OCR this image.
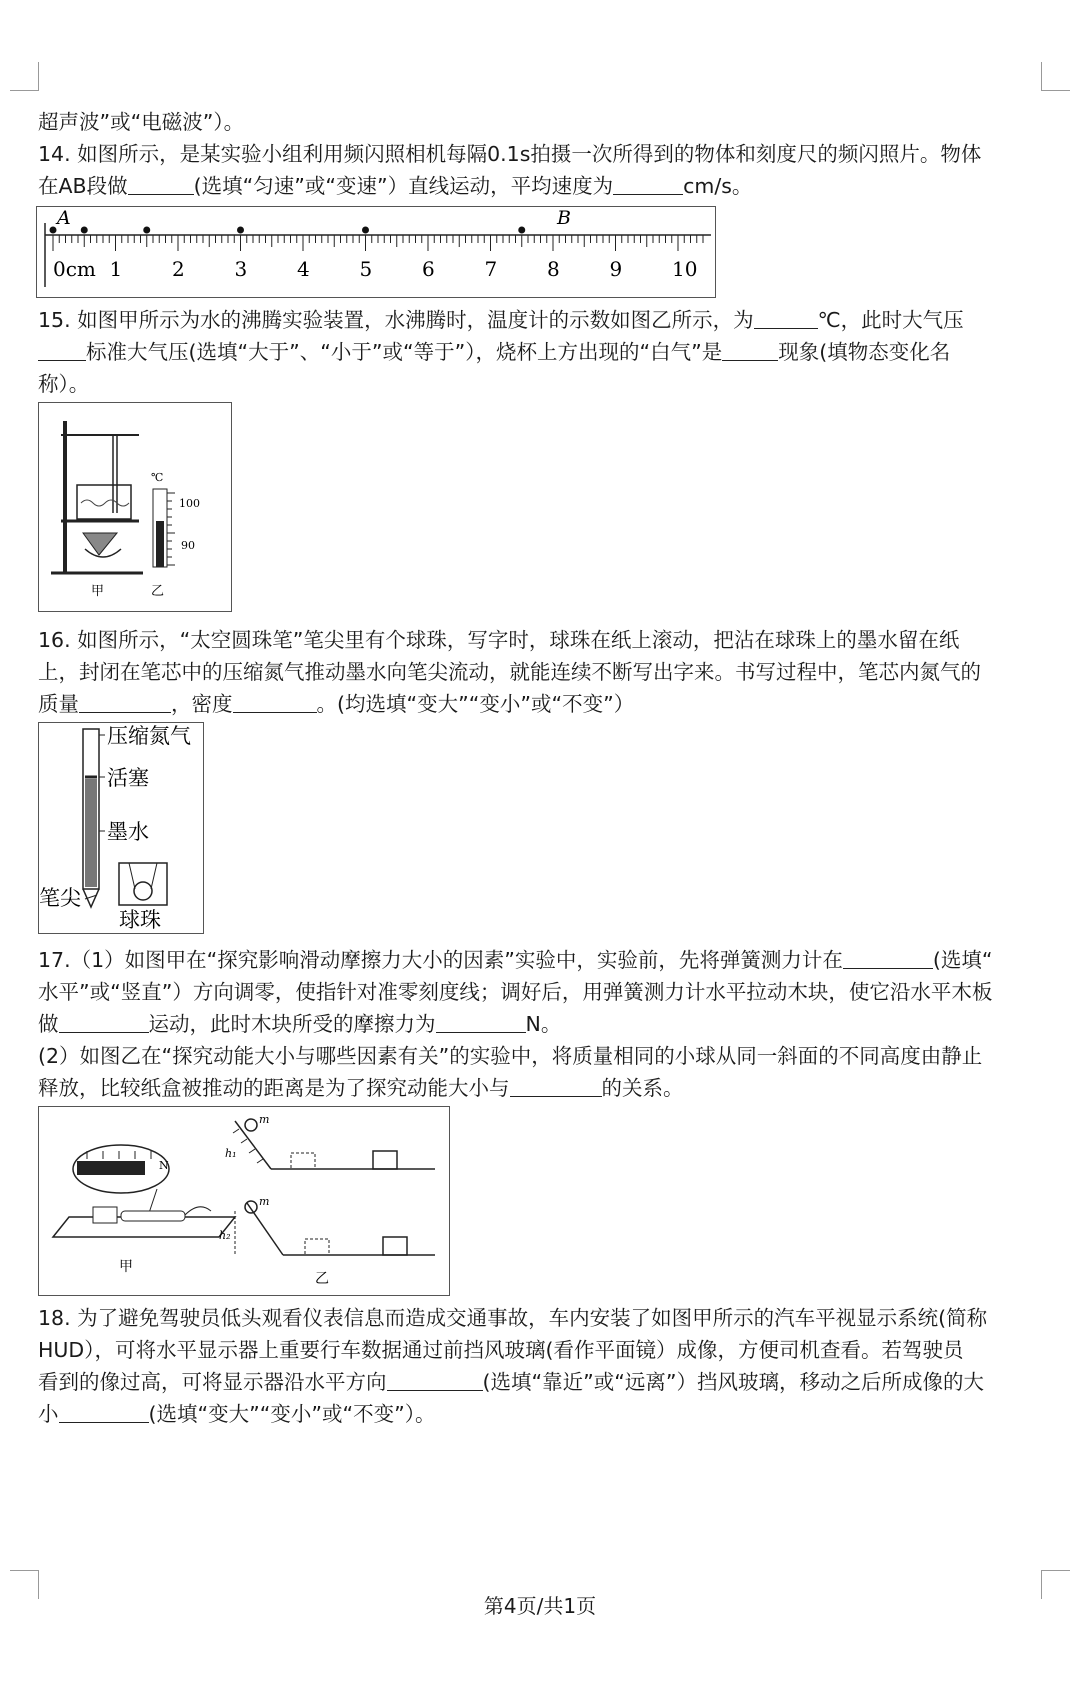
超声波”或“电磁波”）。
14. 如图所示，是某实验小组利用频闪照相机每隔0.1s拍摄一次所得到的物体和刻度尺的频闪照片。物体
在AB段做	(选填“匀速”或“变速”）直线运动，平均速度为	cm/s。
1 2 3 4 5 6 7 8 9 10
A	B
0cm
15. 如图甲所示为水的沸腾实验装置，水沸腾时，温度计的示数如图乙所示，为	℃，此时大气压
标准大气压(选填“大于”、“小于”或“等于”），烧杯上方出现的“白气”是	现象(填物态变化名
称）。
℃
100
90
甲	乙
16. 如图所示，“太空圆珠笔”笔尖里有个球珠，写字时，球珠在纸上滚动，把沾在球珠上的墨水留在纸
上，封闭在笔芯中的压缩氮气推动墨水向笔尖流动，就能连续不断写出字来。书写过程中，笔芯内氮气的
质量	，密度	。(均选填“变大”“变小”或“不变”）
压缩氮气
活塞
墨水
笔尖
球珠
17.（1）如图甲在“探究影响滑动摩擦力大小的因素”实验中，实验前，先将弹簧测力计在	(选填“
水平”或“竖直”）方向调零，使指针对准零刻度线；调好后，用弹簧测力计水平拉动木块，使它沿水平木板
做	运动，此时木块所受的摩擦力为	N。
(2）如图乙在“探究动能大小与哪些因素有关”的实验中，将质量相同的小球从同一斜面的不同高度由静止
释放，比较纸盒被推动的距离是为了探究动能大小与	的关系。
N
甲
m
h₁
m
h₂
乙
18. 为了避免驾驶员低头观看仪表信息而造成交通事故，车内安装了如图甲所示的汽车平视显示系统(简称
HUD），可将水平显示器上重要行车数据通过前挡风玻璃(看作平面镜）成像，方便司机查看。若驾驶员
看到的像过高，可将显示器沿水平方向	(选填“靠近”或“远离”）挡风玻璃，移动之后所成像的大
小	(选填“变大”“变小”或“不变”）。
第4页/共1页
